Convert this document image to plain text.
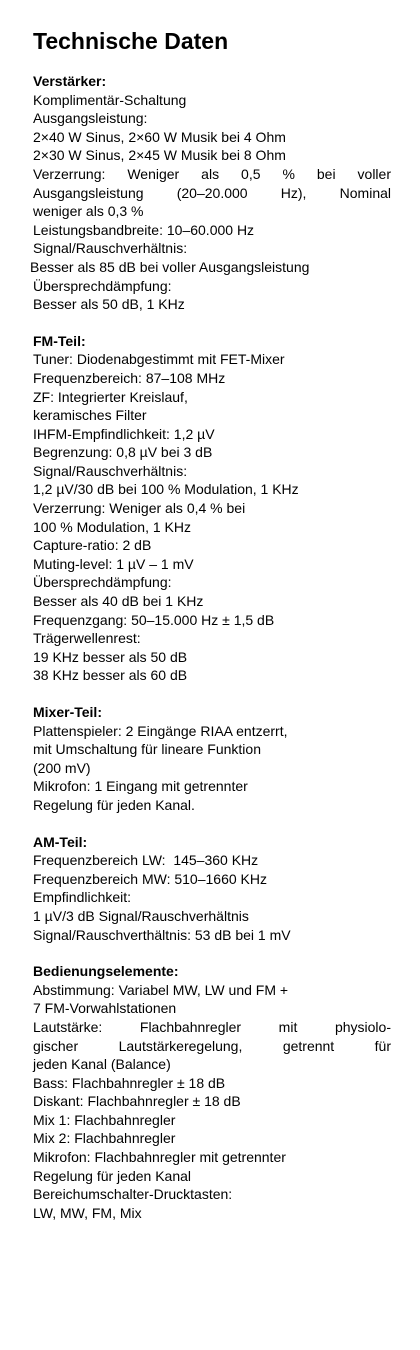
Technische Daten
Verstärker:
Komplimentär-Schaltung
Ausgangsleistung:
2×40 W Sinus, 2×60 W Musik bei 4 Ohm
2×30 W Sinus, 2×45 W Musik bei 8 Ohm
Verzerrung: Weniger als 0,5 % bei voller
Ausgangsleistung (20–20.000 Hz), Nominal
weniger als 0,3 %
Leistungsbandbreite: 10–60.000 Hz
Signal/Rauschverhältnis:
Besser als 85 dB bei voller Ausgangsleistung
Übersprechdämpfung:
Besser als 50 dB, 1 KHz
FM-Teil:
Tuner: Diodenabgestimmt mit FET-Mixer
Frequenzbereich: 87–108 MHz
ZF: Integrierter Kreislauf,
keramisches Filter
IHFM-Empfindlichkeit: 1,2 µV
Begrenzung: 0,8 µV bei 3 dB
Signal/Rauschverhältnis:
1,2 µV/30 dB bei 100 % Modulation, 1 KHz
Verzerrung: Weniger als 0,4 % bei
100 % Modulation, 1 KHz
Capture-ratio: 2 dB
Muting-level: 1 µV – 1 mV
Übersprechdämpfung:
Besser als 40 dB bei 1 KHz
Frequenzgang: 50–15.000 Hz ± 1,5 dB
Trägerwellenrest:
19 KHz besser als 50 dB
38 KHz besser als 60 dB
Mixer-Teil:
Plattenspieler: 2 Eingänge RIAA entzerrt,
mit Umschaltung für lineare Funktion
(200 mV)
Mikrofon: 1 Eingang mit getrennter
Regelung für jeden Kanal.
AM-Teil:
Frequenzbereich LW:  145–360 KHz
Frequenzbereich MW: 510–1660 KHz
Empfindlichkeit:
1 µV/3 dB Signal/Rauschverhältnis
Signal/Rauschverthältnis: 53 dB bei 1 mV
Bedienungselemente:
Abstimmung: Variabel MW, LW und FM +
7 FM-Vorwahlstationen
Lautstärke: Flachbahnregler mit physiolo-
gischer Lautstärkeregelung, getrennt für
jeden Kanal (Balance)
Bass: Flachbahnregler ± 18 dB
Diskant: Flachbahnregler ± 18 dB
Mix 1: Flachbahnregler
Mix 2: Flachbahnregler
Mikrofon: Flachbahnregler mit getrennter
Regelung für jeden Kanal
Bereichumschalter-Drucktasten:
LW, MW, FM, Mix
